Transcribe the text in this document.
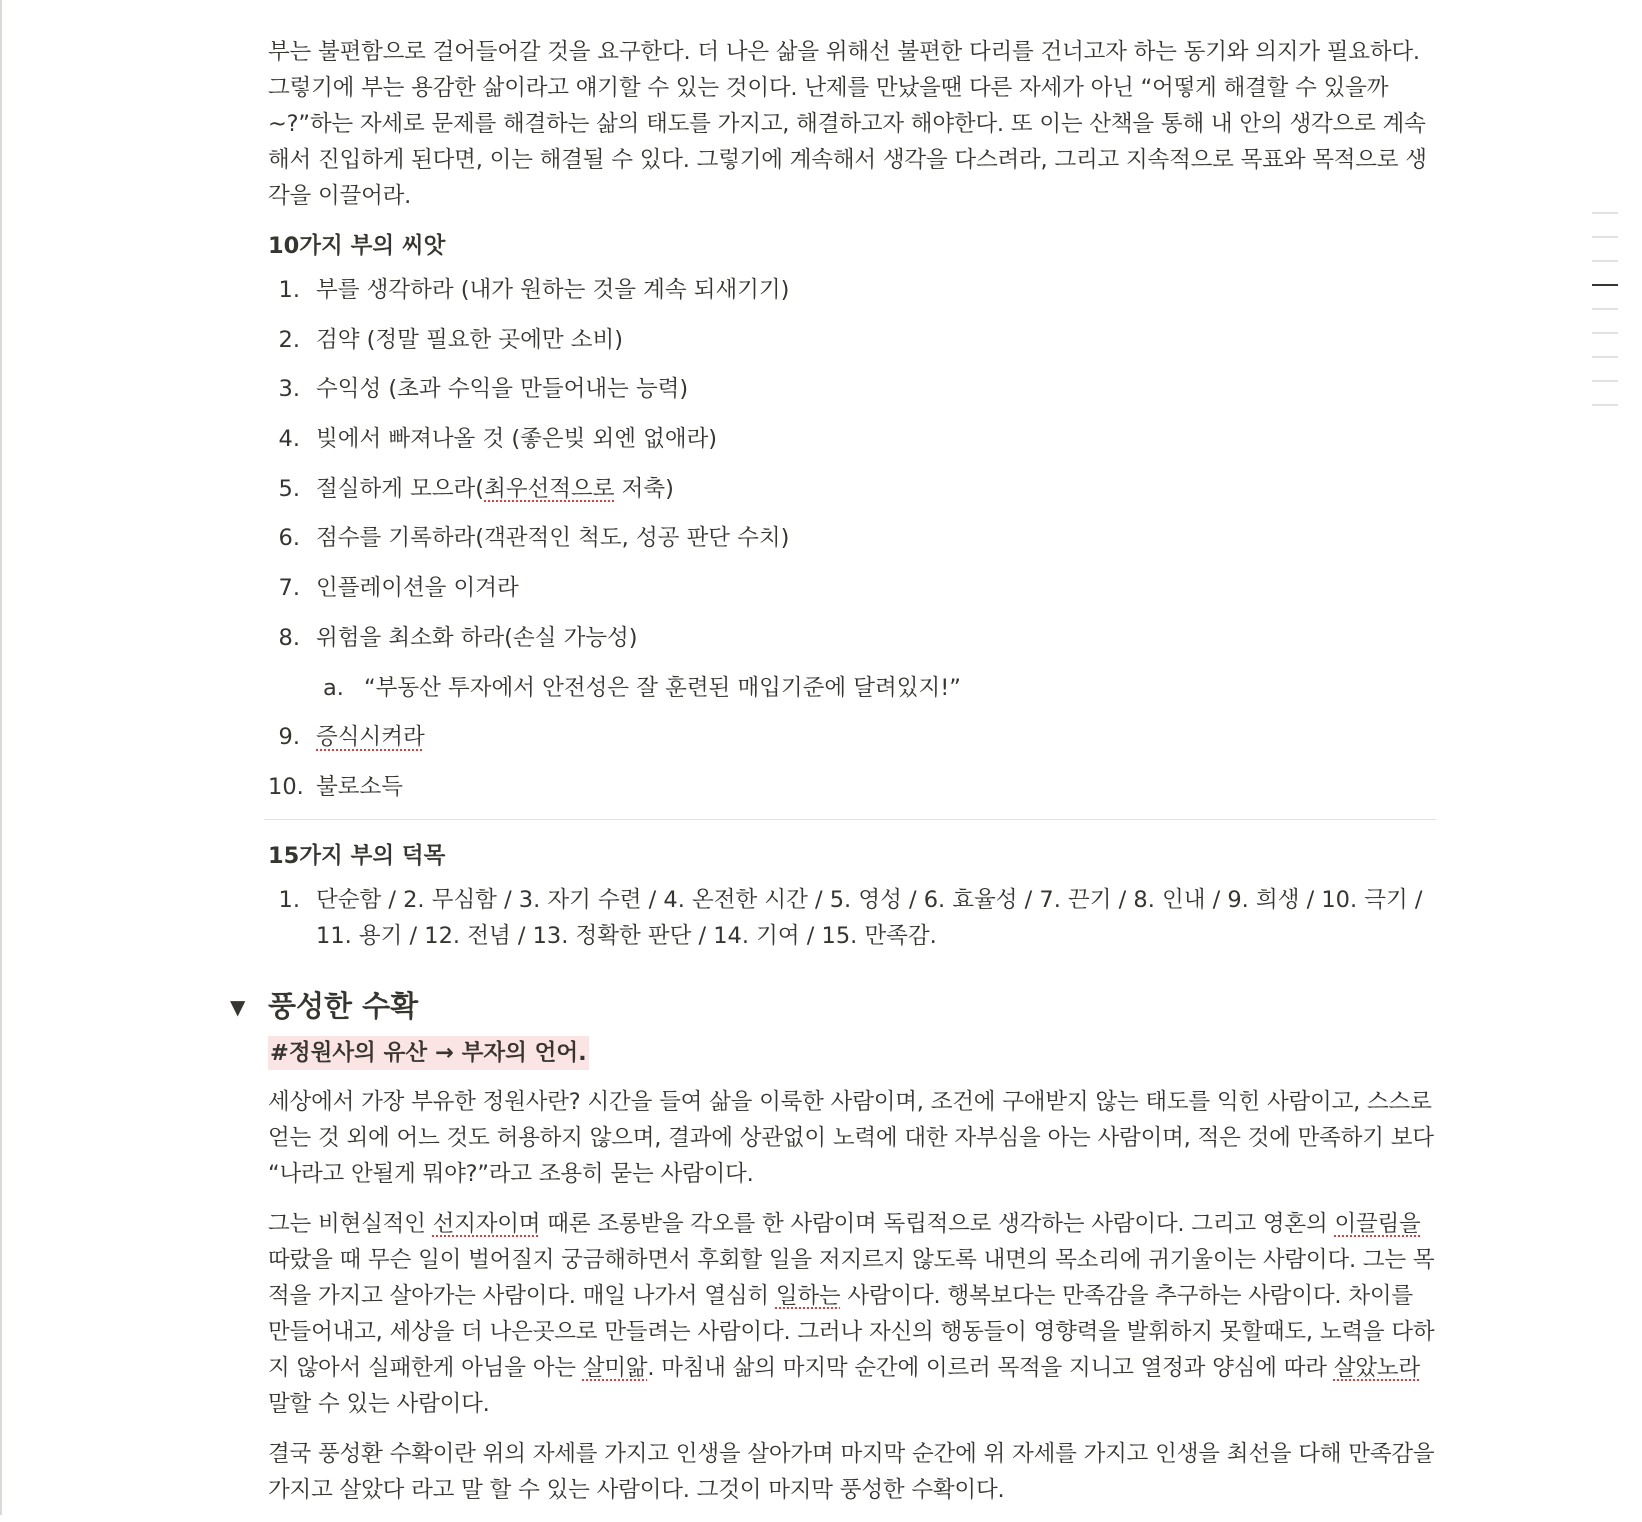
부는 불편함으로 걸어들어갈 것을 요구한다. 더 나은 삶을 위해선 불편한 다리를 건너고자 하는 동기와 의지가 필요하다. 그렇기에 부는 용감한 삶이라고 얘기할 수 있는 것이다. 난제를 만났을땐 다른 자세가 아닌 “어떻게 해결할 수 있을까~?”하는 자세로 문제를 해결하는 삶의 태도를 가지고, 해결하고자 해야한다. 또 이는 산책을 통해 내 안의 생각으로 계속해서 진입하게 된다면, 이는 해결될 수 있다. 그렇기에 계속해서 생각을 다스려라, 그리고 지속적으로 목표와 목적으로 생각을 이끌어라.

10가지 부의 씨앗
1. 부를 생각하라 (내가 원하는 것을 계속 되새기기)
2. 검약 (정말 필요한 곳에만 소비)
3. 수익성 (초과 수익을 만들어내는 능력)
4. 빚에서 빠져나올 것 (좋은빚 외엔 없애라)
5. 절실하게 모으라(최우선적으로 저축)
6. 점수를 기록하라(객관적인 척도, 성공 판단 수치)
7. 인플레이션을 이겨라
8. 위험을 최소화 하라(손실 가능성)
a. “부동산 투자에서 안전성은 잘 훈련된 매입기준에 달려있지!”
9. 증식시켜라
10. 불로소득
15가지 부의 덕목
1. 단순함 / 2. 무심함 / 3. 자기 수련 / 4. 온전한 시간 / 5. 영성 / 6. 효율성 / 7. 끈기 / 8. 인내 / 9. 희생 / 10. 극기 / 11. 용기 / 12. 전념 / 13. 정확한 판단 / 14. 기여 / 15. 만족감.
▼ 풍성한 수확
#정원사의 유산 → 부자의 언어.

세상에서 가장 부유한 정원사란? 시간을 들여 삶을 이룩한 사람이며, 조건에 구애받지 않는 태도를 익힌 사람이고, 스스로 얻는 것 외에 어느 것도 허용하지 않으며, 결과에 상관없이 노력에 대한 자부심을 아는 사람이며, 적은 것에 만족하기 보다 “나라고 안될게 뭐야?”라고 조용히 묻는 사람이다.

그는 비현실적인 선지자이며 때론 조롱받을 각오를 한 사람이며 독립적으로 생각하는 사람이다. 그리고 영혼의 이끌림을 따랐을 때 무슨 일이 벌어질지 궁금해하면서 후회할 일을 저지르지 않도록 내면의 목소리에 귀기울이는 사람이다. 그는 목적을 가지고 살아가는 사람이다. 매일 나가서 열심히 일하는 사람이다. 행복보다는 만족감을 추구하는 사람이다. 차이를 만들어내고, 세상을 더 나은곳으로 만들려는 사람이다. 그러나 자신의 행동들이 영향력을 발휘하지 못할때도, 노력을 다하지 않아서 실패한게 아님을 아는 살미앎. 마침내 삶의 마지막 순간에 이르러 목적을 지니고 열정과 양심에 따라 살았노라 말할 수 있는 사람이다.

결국 풍성환 수확이란 위의 자세를 가지고 인생을 살아가며 마지막 순간에 위 자세를 가지고 인생을 최선을 다해 만족감을 가지고 살았다 라고 말 할 수 있는 사람이다. 그것이 마지막 풍성한 수확이다.
